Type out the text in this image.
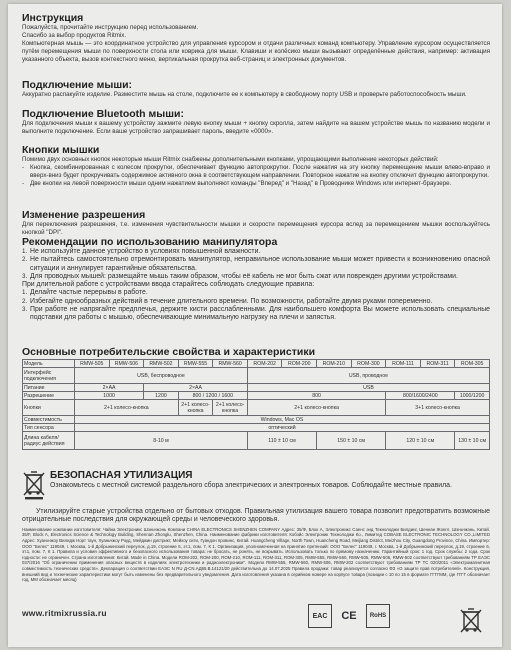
Инструкция
Пожалуйста, прочитайте инструкцию перед использованием.
Спасибо за выбор продуктов Ritmix.
Компьютерная мышь — это координатное устройство для управления курсором и отдачи различных команд компьютеру. Управление курсором осуществляется путём перемещения мыши по поверхности стола или коврика для мыши. Клавиши и колёсико мыши вызывают определённые действия, например: активация указанного объекта, вызов контекстного меню, вертикальная прокрутка веб-страниц и электронных документов.
Подключение мыши:
Аккуратно распакуйте изделие. Разместите мышь на столе, подключите ее к компьютеру в свободному порту USB и проверьте работоспособность мыши.
Подключение Bluetooth мыши:
Для подключения мыши к вашему устройству зажмите левую кнопку мыши + кнопку скролла, затем найдите на вашем устройстве мышь по названию модели и выполните подключение. Если ваше устройство запрашивает пароль, введите «0000».
Кнопки мышки
Помимо двух основных кнопок некоторые мыши Ritmix снабжены дополнительными кнопками, упрощающими выполнение некоторых действий:
- Кнопка, скомбинированная с колесом прокрутки, обеспечивает функцию автопрокрутки. После нажатия на эту кнопку перемещение мыши влево-вправо и вверх-вниз будет прокручивать содержимое активного окна в соответствующем направлении. Повторное нажатие на кнопку отключит функцию автопрокрутки.
- Две кнопки на левой поверхности мыши одним нажатием выполняют команды "Вперед" и "Назад" в Проводнике Windows или интернет-браузере.
Изменение разрешения
Для переключения разрешения, т.е. изменения чувствительности мышки и скорости перемещения курсора вслед за перемещением мышки воспользуйтесь кнопкой "DPI".
Рекомендации по использованию манипулятора
1. Не используйте данное устройство в условиях повышенной влажности.
2. Не пытайтесь самостоятельно отремонтировать манипулятор, неправильное использование мыши может привести к возникновению опасной ситуации и аннулирует гарантийные обязательства.
3. Для проводных мышей: размещайте мышь таким образом, чтобы её кабель не мог быть сжат или поврежден другими устройствами.
При длительной работе с устройствами ввода старайтесь соблюдать следующие правила:
1. Делайте частые перерывы в работе.
2. Избегайте однообразных действий в течение длительного времени. По возможности, работайте двумя руками попеременно.
3. При работе не напрягайте предплечья, держите кисти расслабленными. Для наибольшего комфорта Вы можете использовать специальные подставки для работы с мышью, обеспечивающие минимальную нагрузку на плечи и запястья.
Основные потребительские свойства и характеристики
Модель	RMW-505	RMW-506	RMW-502	RMW-555	RMW-560	ROM-202	ROM-200	ROM-210	ROM-300	ROM-111	ROM-311	ROM-305
Интерфейс подключения	USB, беспроводное					USB, проводное						
Питание	2×AA		2×AA			USB						
Разрешение	1000		1200	800 / 1200 / 1600		800				800/1600/2400		1000/1200
Кнопки	2+1 колесо-кнопка			2+1 колесо-кнопка	2+1 колесо-кнопка	2+1 колесо-кнопка				3+1 колесо-кнопка		
Совместимость	Windows, Mac OS											
Тип сенсора	оптический											
Длина кабеля/ радиус действия	8-10 м					110 ± 10 см		150 ± 10 см		120 ± 10 см		130 ± 10 см
БЕЗОПАСНАЯ УТИЛИЗАЦИЯ
Ознакомьтесь с местной системой раздельного сбора электрических и электронных товаров. Соблюдайте местные правила.
Утилизируйте старые устройства отдельно от бытовых отходов. Правильная утилизация вашего товара позволит предотвратить возможные отрицательные последствия для окружающей среды и человеческого здоровья.
Наименование компании изготовителя: Чайна Электроникс Шэньчжэнь Компани CHINA ELECTRONICS SHENZHEN COMPANY Адрес: 35/Ф, Блок А, Электроникс Саенс энд Текнолоджи Билдинг, Шеннан Жонгл, Шэньчжэнь, Китай. 35/F, Block A, Electronics Science & Technology Building, Shennan Zhonglu, Shenzhen, China. Наименование фабрики изготовителя: Кобэйс Электроник Технолоджи Ко., Лимитед COBASE ELECTRONIC TECHNOLOGY CO.,LIMITED Адрес: Хуаньчжоу Вилидж Норт таун, Хуаньчжоу Роуд, Мейджин дистрикт, Мейхоу сити, Гуандон провинс, Китай. Huangcheng Village, North Town, Huancheng Road, Meijiang District, Meizhou City, Guangdong Province, China. Импортер: ООО "Белес" 119049, г. Москва, 1-й Добрынинский переулок, д.19, строение 6, эт.1, пом. 7, К 1. Организация, уполномоченная на принятие претензий: ООО "Белес" 119049, г. Москва, 1-й Добрынинский переулок, д.19, строение 6, эт.1, пом. 7, К 1. Правила и условия эффективного и безопасного использования товара: не бросать, не ронять, не вскрывать. Использовать только по прямому назначению. Гарантийный срок: 1 год. Срок службы: 2 года. Срок годности: не ограничен. Страна изготовления: Китай. Made in China. Модели ROM-202, ROM-200, ROM-210, ROM-111, ROM-311, ROM-305, RMW-555, RMW-560, RMW-505, RMW-506, RMW-502 соответствуют требованиям ТР ЕАЭС 037/2016 "Об ограничении применения опасных веществ в изделиях электротехники и радиоэлектроники". Модели RMW-555, RMW-560, RMW-506, RMW-202 соответствуют требованиям ТР ТС 020/2011 «Электромагнитная совместимость технических средств». Декларация о соответствии ЕАЭС N RU Д-CN.АД65.В.14121/20 действительна до 14.07.2025 Правила продажи: товар реализуется согласно ФЗ «О защите прав потребителей». Конструкция, внешний вид и технические характеристики могут быть изменены без предварительного уведомления. Дата изготовления указана в серийном номере на корпусе товара (позиции с 10 по 15 в формате ГГГГММ, где ГГГГ обозначает год, ММ обозначает месяц)
www.ritmixrussia.ru	EAC	CE	RoHS
